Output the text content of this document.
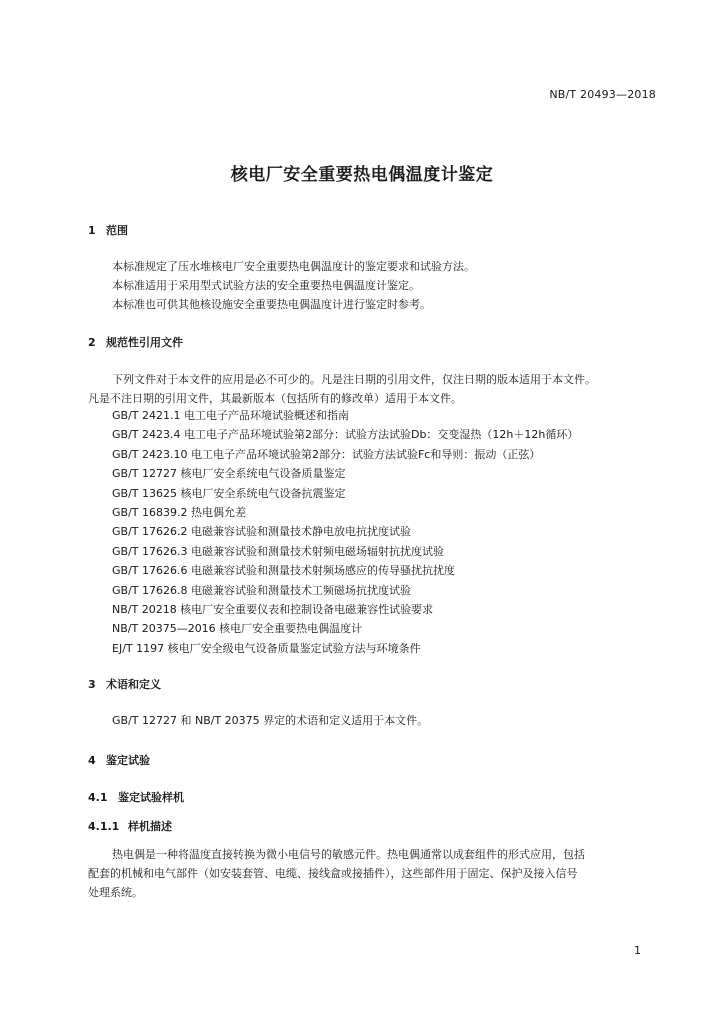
NB/T 20493—2018
核电厂安全重要热电偶温度计鉴定
1 范围
本标准规定了压水堆核电厂安全重要热电偶温度计的鉴定要求和试验方法。
本标准适用于采用型式试验方法的安全重要热电偶温度计鉴定。
本标准也可供其他核设施安全重要热电偶温度计进行鉴定时参考。
2 规范性引用文件
下列文件对于本文件的应用是必不可少的。凡是注日期的引用文件，仅注日期的版本适用于本文件。
凡是不注日期的引用文件，其最新版本（包括所有的修改单）适用于本文件。
GB/T 2421.1 电工电子产品环境试验概述和指南
GB/T 2423.4 电工电子产品环境试验第2部分：试验方法试验Db：交变湿热（12h＋12h循环）
GB/T 2423.10 电工电子产品环境试验第2部分：试验方法试验Fc和导则：振动（正弦）
GB/T 12727 核电厂安全系统电气设备质量鉴定
GB/T 13625 核电厂安全系统电气设备抗震鉴定
GB/T 16839.2 热电偶允差
GB/T 17626.2 电磁兼容试验和测量技术静电放电抗扰度试验
GB/T 17626.3 电磁兼容试验和测量技术射频电磁场辐射抗扰度试验
GB/T 17626.6 电磁兼容试验和测量技术射频场感应的传导骚扰抗扰度
GB/T 17626.8 电磁兼容试验和测量技术工频磁场抗扰度试验
NB/T 20218 核电厂安全重要仪表和控制设备电磁兼容性试验要求
NB/T 20375—2016 核电厂安全重要热电偶温度计
EJ/T 1197 核电厂安全级电气设备质量鉴定试验方法与环境条件
3 术语和定义
GB/T 12727 和 NB/T 20375 界定的术语和定义适用于本文件。
4 鉴定试验
4.1 鉴定试验样机
4.1.1 样机描述
热电偶是一种将温度直接转换为微小电信号的敏感元件。热电偶通常以成套组件的形式应用，包括
配套的机械和电气部件（如安装套管、电缆、接线盒或接插件），这些部件用于固定、保护及接入信号
处理系统。
1
